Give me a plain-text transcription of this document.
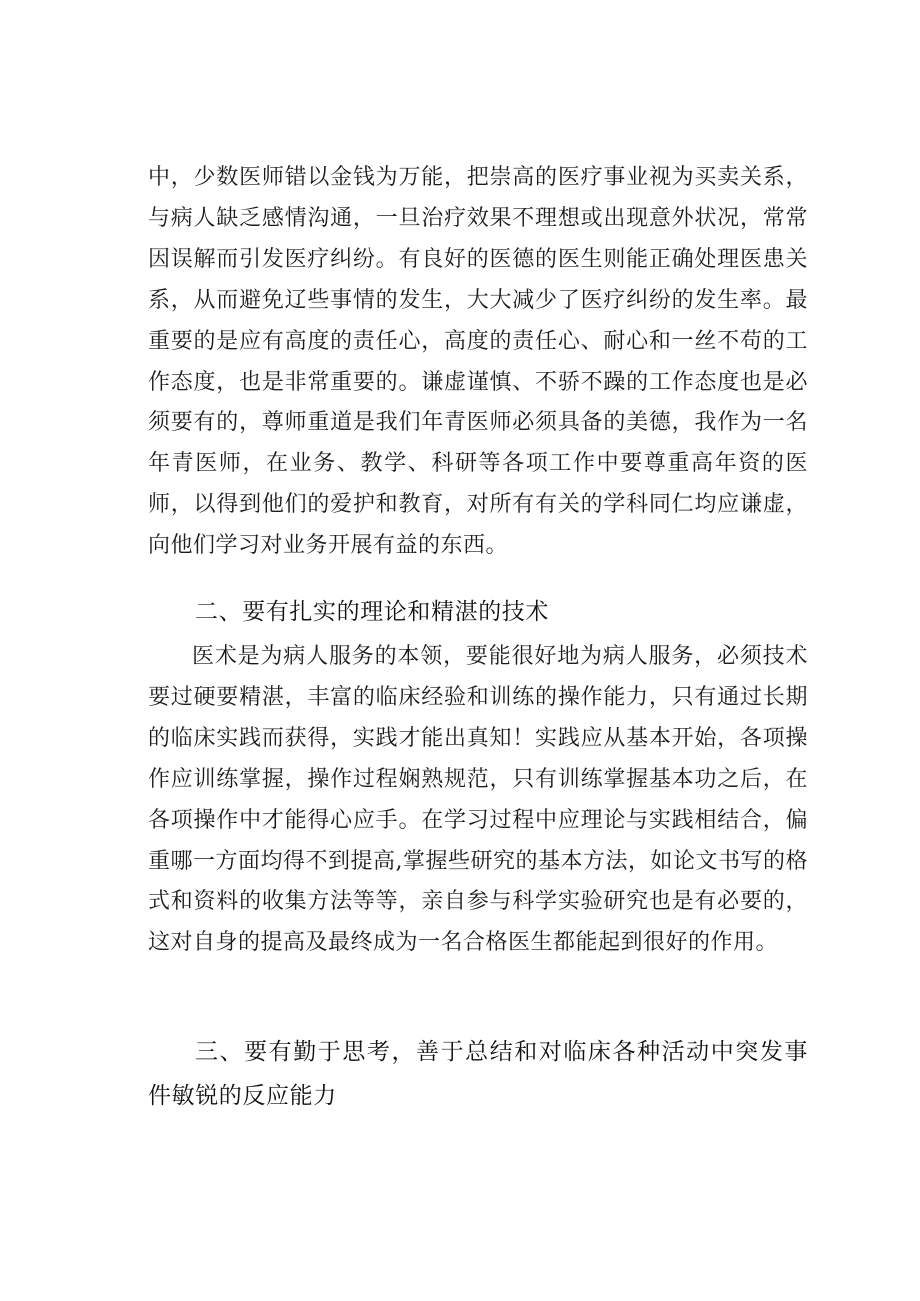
中，少数医师错以金钱为万能，把崇高的医疗事业视为买卖关系，与病人缺乏感情沟通，一旦治疗效果不理想或出现意外状况，常常因误解而引发医疗纠纷。有良好的医德的医生则能正确处理医患关系，从而避免辽些事情的发生，大大减少了医疗纠纷的发生率。最重要的是应有高度的责任心，高度的责任心、耐心和一丝不苟的工作态度，也是非常重要的。谦虚谨慎、不骄不躁的工作态度也是必须要有的，尊师重道是我们年青医师必须具备的美德，我作为一名年青医师，在业务、教学、科研等各项工作中要尊重高年资的医师，以得到他们的爱护和教育，对所有有关的学科同仁均应谦虚，向他们学习对业务开展有益的东西。

二、要有扎实的理论和精湛的技术

医术是为病人服务的本领，要能很好地为病人服务，必须技术要过硬要精湛，丰富的临床经验和训练的操作能力，只有通过长期的临床实践而获得，实践才能出真知！实践应从基本开始，各项操作应训练掌握，操作过程娴熟规范，只有训练掌握基本功之后，在各项操作中才能得心应手。在学习过程中应理论与实践相结合，偏重哪一方面均得不到提高,掌握些研究的基本方法，如论文书写的格式和资料的收集方法等等，亲自参与科学实验研究也是有必要的，这对自身的提高及最终成为一名合格医生都能起到很好的作用。

三、要有勤于思考，善于总结和对临床各种活动中突发事件敏锐的反应能力
